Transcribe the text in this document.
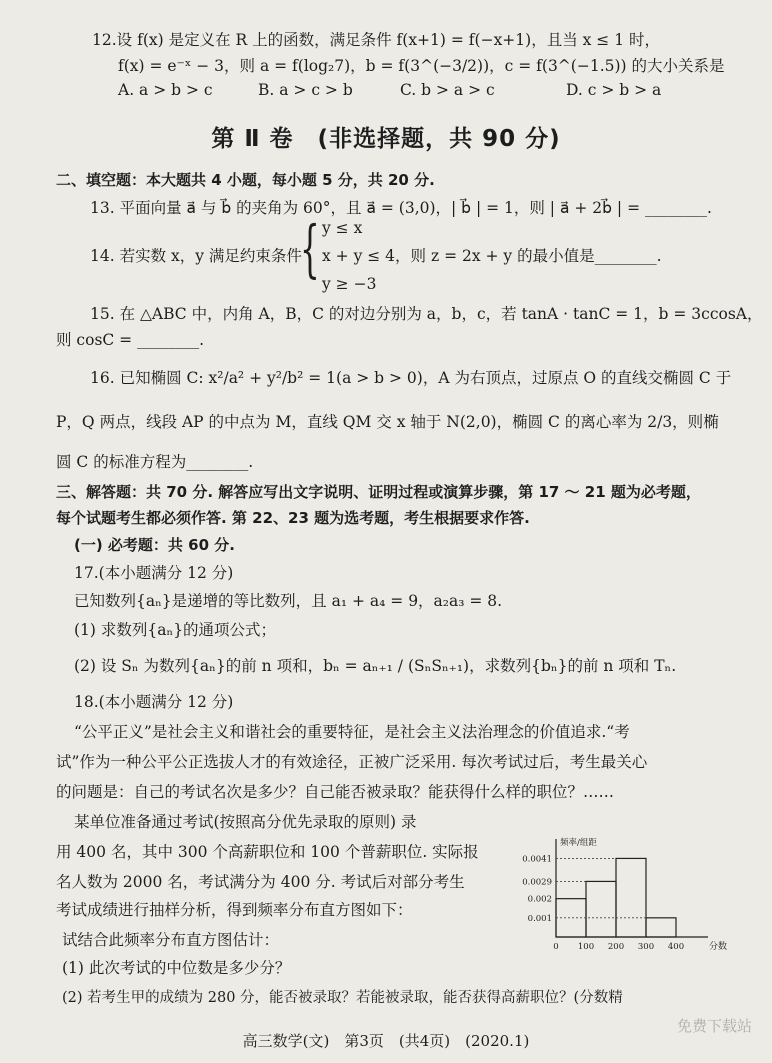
12.设 f(x) 是定义在 R 上的函数，满足条件 f(x+1) = f(−x+1)，且当 x ≤ 1 时，
f(x) = e⁻ˣ − 3，则 a = f(log₂7)，b = f(3^(−3/2))，c = f(3^(−1.5)) 的大小关系是
A. a > b > c	B. a > c > b	C. b > a > c	D. c > b > a
第 Ⅱ 卷　(非选择题，共 90 分)
二、填空题：本大题共 4 小题，每小题 5 分，共 20 分.
13. 平面向量 a⃗ 与 b⃗ 的夹角为 60°，且 a⃗ = (3,0)，| b⃗ | = 1，则 | a⃗ + 2b⃗ | = ________.
14. 若实数 x，y 满足约束条件
{ y ≤ x
x + y ≤ 4，则 z = 2x + y 的最小值是________.
y ≥ −3
15. 在 △ABC 中，内角 A，B，C 的对边分别为 a，b，c，若 tanA · tanC = 1，b = 3ccosA，
则 cosC = ________.
16. 已知椭圆 C: x²/a² + y²/b² = 1(a > b > 0)，A 为右顶点，过原点 O 的直线交椭圆 C 于
P，Q 两点，线段 AP 的中点为 M，直线 QM 交 x 轴于 N(2,0)，椭圆 C 的离心率为 2/3，则椭
圆 C 的标准方程为________.
三、解答题：共 70 分. 解答应写出文字说明、证明过程或演算步骤，第 17 ～ 21 题为必考题，
每个试题考生都必须作答. 第 22、23 题为选考题，考生根据要求作答.
(一) 必考题：共 60 分.
17.(本小题满分 12 分)
已知数列{aₙ}是递增的等比数列，且 a₁ + a₄ = 9，a₂a₃ = 8.
(1) 求数列{aₙ}的通项公式；
(2) 设 Sₙ 为数列{aₙ}的前 n 项和，bₙ = aₙ₊₁ / (SₙSₙ₊₁)，求数列{bₙ}的前 n 项和 Tₙ.
18.(本小题满分 12 分)
“公平正义”是社会主义和谐社会的重要特征，是社会主义法治理念的价值追求.“考
试”作为一种公平公正选拔人才的有效途径，正被广泛采用. 每次考试过后，考生最关心
的问题是：自己的考试名次是多少？自己能否被录取？能获得什么样的职位？……
某单位准备通过考试(按照高分优先录取的原则) 录
用 400 名，其中 300 个高薪职位和 100 个普薪职位. 实际报
名人数为 2000 名，考试满分为 400 分. 考试后对部分考生
考试成绩进行抽样分析，得到频率分布直方图如下：
试结合此频率分布直方图估计：
(1) 此次考试的中位数是多少分？
(2) 若考生甲的成绩为 280 分，能否被录取？若能被录取，能否获得高薪职位？(分数精
0.001
0.002
0.0029
0.0041
0 100 200 300 400	分数
频率/组距
高三数学(文)　第3页　(共4页)　(2020.1)
免费下载站
